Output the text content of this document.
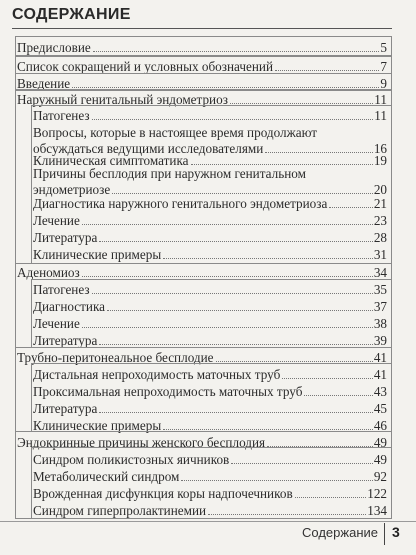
СОДЕРЖАНИЕ
Предисловие	5
Список сокращений и условных обозначений	7
Введение	9
Наружный генитальный эндометриоз	11
Патогенез	11
Вопросы, которые в настоящее время продолжают
обсуждаться ведущими исследователями	16
Клиническая симптоматика	19
Причины бесплодия при наружном генитальном
эндометриозе	20
Диагностика наружного генитального эндометриоза	21
Лечение	23
Литература	28
Клинические примеры	31
Аденомиоз	34
Патогенез	35
Диагностика	37
Лечение	38
Литература	39
Трубно-перитонеальное бесплодие	41
Дистальная непроходимость маточных труб	41
Проксимальная непроходимость маточных труб	43
Литература	45
Клинические примеры	46
Эндокринные причины женского бесплодия	49
Синдром поликистозных яичников	49
Метаболический синдром	92
Врожденная дисфункция коры надпочечников	122
Синдром гиперпролактинемии	134
Содержание 3
